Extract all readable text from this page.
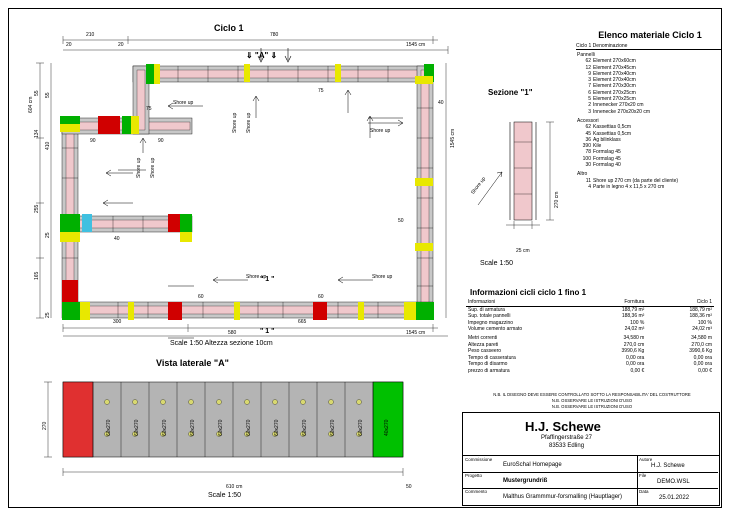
Ciclo 1
⇓ "A" ⇓
210	780
1545 cm
20	20
55 55
604 cm
134
410
255
25
165
25
1545 cm
40
300	665
580	1545 cm
Shore up
Shore up Shore up	Shore up
Shore up Shore up
Shore up	Shore up
" 1 "
" 1 "
75
75
90	90
40
60	60
50
Scale 1:50 Altezza sezione 10cm
Vista laterale "A"
270
610 cm	50
60x270	60x270	60x270	60x270	60x270	60x270	60x270	60x270	60x270	60x270	40x270
Scale 1:50
Sezione "1"
270 cm
25 cm
Shore up
Scale 1:50
Elenco materiale Ciclo 1
Ciclo 1 Denominazione
Pannelli	
62	Element 270x60cm
12	Element 270x45cm
9	Element 270x40cm
3	Element 270x40cm
7	Element 270x30cm
6	Element 270x25cm
5	Element 270x25cm
2	Innenecker 270x20 cm
3	Innenecke 270x20x20 cm
Accessori	
62	Kassettias 0,5cm
45	Kassettias 0,5cm
36	Ag bilinklass
390	Kile
78	Formslag 45
100	Formslag 45
30	Formslag 40
Altro	
11	Shore up 270 cm (da parte del cliente)
4	Parte in legno 4 x 11,5 x 270 cm
Informazioni cicli ciclo 1 fino 1
Informazioni	Fornitura	Ciclo 1
Sup. di armatura	188,79 m²	188,79 m²
Sup. totale pannelli	188,36 m²	188,36 m²
Impegno magazzino	100 %	100 %
Volume cemento armato	24,02 m³	24,02 m³
Metri correnti	34,580 m	34,580 m
Altezza pareti	270,0 cm	270,0 cm
Peso casseero	3990,6 Kg	3990,6 Kg
Tempo di casseratura	0,00 ora	0,00 ora
Tempo di disarmo	0,00 ora	0,00 ora
prezzo di armatura	0,00 €	0,00 €
N.B. IL DISEGNO DEVE ESSERE CONTROLLATO SOTTO LA RESPONSABILITA' DEL COSTRUTTORE
N.B. OSSERVARE LE ISTRUZIONI D'USO
N.B. OSSERVARE LE ISTRUZIONI D'USO
H.J. Schewe
Pfaffingerstraße 27
83533 Edling
Commissione
EuroSchal Homepage
Autore
H.J. Schewe
Progetto
Mustergrundriß
File
DEMO.WSL
Commento
Malthus Grammmur-forsmalling (Hauptlager)
Data
25.01.2022
